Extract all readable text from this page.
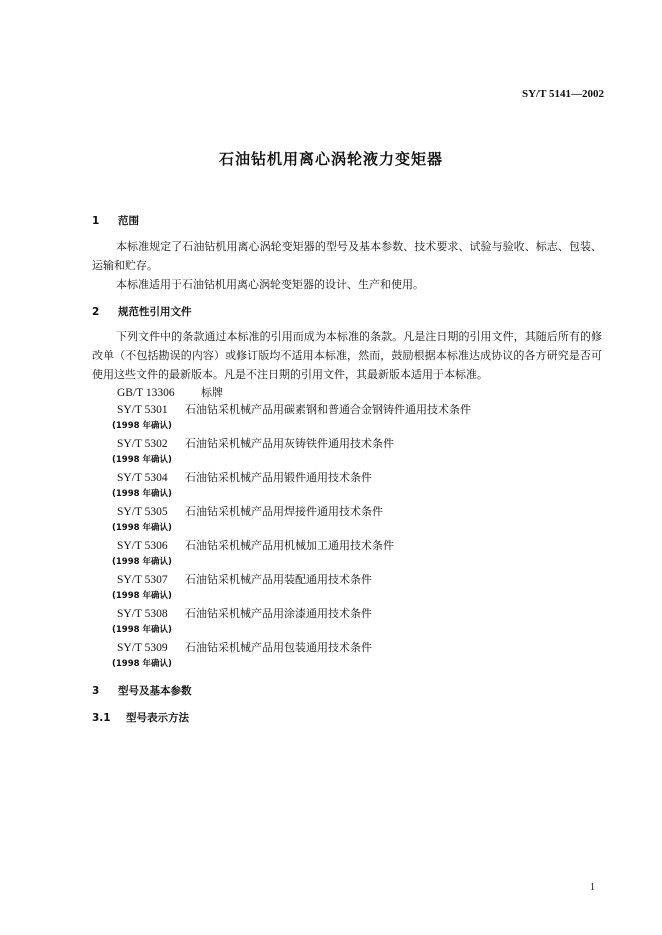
SY/T 5141—2002
石油钻机用离心涡轮液力变矩器
1 范围
本标准规定了石油钻机用离心涡轮变矩器的型号及基本参数、技术要求、试验与验收、标志、包装、运输和贮存。
本标准适用于石油钻机用离心涡轮变矩器的设计、生产和使用。
2 规范性引用文件
下列文件中的条款通过本标准的引用而成为本标准的条款。凡是注日期的引用文件，其随后所有的修改单（不包括勘误的内容）或修订版均不适用本标准，然而，鼓励根据本标准达成协议的各方研究是否可使用这些文件的最新版本。凡是不注日期的引用文件，其最新版本适用于本标准。
GB/T 13306 标牌
SY/T 5301 石油钻采机械产品用碳素钢和普通合金钢铸件通用技术条件
(1998 年确认)
SY/T 5302 石油钻采机械产品用灰铸铁件通用技术条件
(1998 年确认)
SY/T 5304 石油钻采机械产品用锻件通用技术条件
(1998 年确认)
SY/T 5305 石油钻采机械产品用焊接件通用技术条件
(1998 年确认)
SY/T 5306 石油钻采机械产品用机械加工通用技术条件
(1998 年确认)
SY/T 5307 石油钻采机械产品用装配通用技术条件
(1998 年确认)
SY/T 5308 石油钻采机械产品用涂漆通用技术条件
(1998 年确认)
SY/T 5309 石油钻采机械产品用包装通用技术条件
(1998 年确认)
3 型号及基本参数
3.1 型号表示方法
1
